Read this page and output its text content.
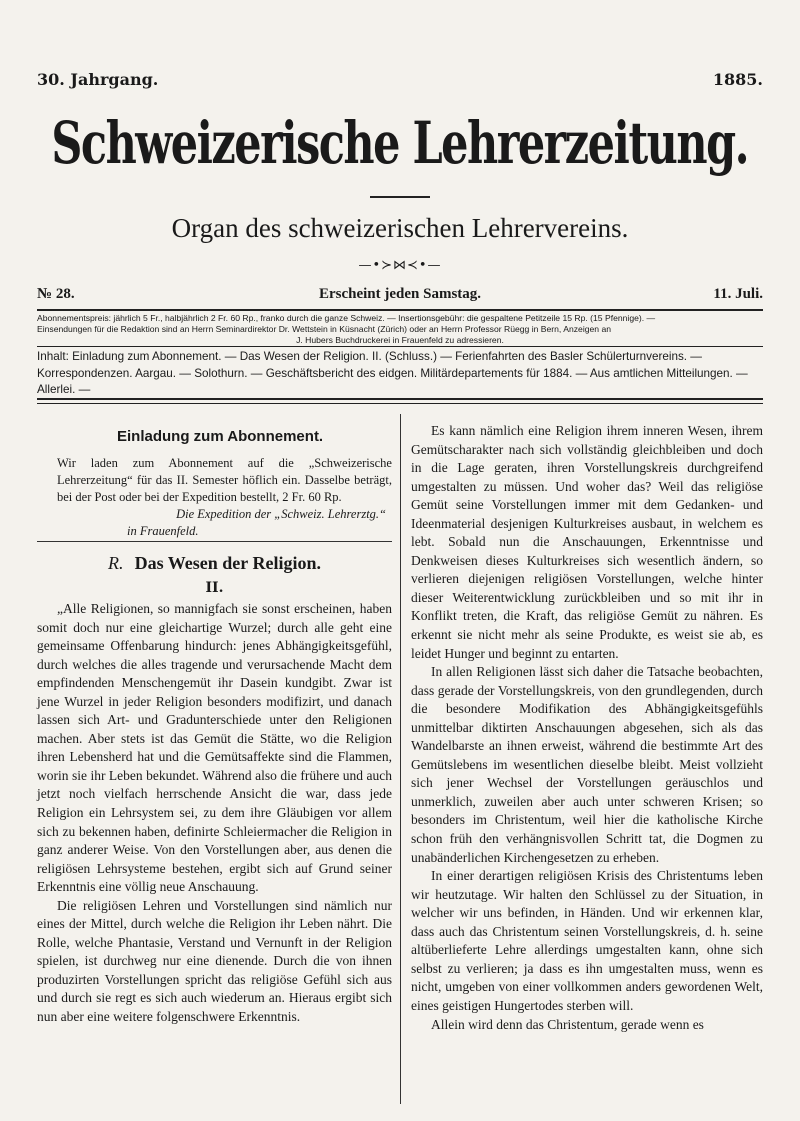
30. Jahrgang.	1885.
Schweizerische Lehrerzeitung.
Organ des schweizerischen Lehrervereins.
—•≻⋈≺•—
№ 28.	Erscheint jeden Samstag.	11. Juli.
Abonnementspreis: jährlich 5 Fr., halbjährlich 2 Fr. 60 Rp., franko durch die ganze Schweiz. — Insertionsgebühr: die gespaltene Petitzeile 15 Rp. (15 Pfennige). —
Einsendungen für die Redaktion sind an Herrn Seminardirektor Dr. Wettstein in Küsnacht (Zürich) oder an Herrn Professor Rüegg in Bern, Anzeigen an
J. Hubers Buchdruckerei in Frauenfeld zu adressieren.
Inhalt: Einladung zum Abonnement. — Das Wesen der Religion. II. (Schluss.) — Ferienfahrten des Basler Schülerturnvereins. — Korrespondenzen. Aargau. — Solothurn. — Geschäftsbericht des eidgen. Militärdepartements für 1884. — Aus amtlichen Mitteilungen. — Allerlei. —
Einladung zum Abonnement.

Wir laden zum Abonnement auf die „Schweizerische Lehrerzeitung“ für das II. Semester höflich ein. Dasselbe beträgt, bei der Post oder bei der Expedition bestellt, 2 Fr. 60 Rp.

Die Expedition der „Schweiz. Lehrerztg.“
in Frauenfeld.
R. Das Wesen der Religion.
II.

„Alle Religionen, so mannigfach sie sonst erscheinen, haben somit doch nur eine gleichartige Wurzel; durch alle geht eine gemeinsame Offenbarung hindurch: jenes Abhängigkeitsgefühl, durch welches die alles tragende und verursachende Macht dem empfindenden Menschengemüt ihr Dasein kundgibt. Zwar ist jene Wurzel in jeder Religion besonders modifizirt, und danach lassen sich Art- und Gradunterschiede unter den Religionen machen. Aber stets ist das Gemüt die Stätte, wo die Religion ihren Lebensherd hat und die Gemütsaffekte sind die Flammen, worin sie ihr Leben bekundet. Während also die frühere und auch jetzt noch vielfach herrschende Ansicht die war, dass jede Religion ein Lehrsystem sei, zu dem ihre Gläubigen vor allem sich zu bekennen haben, definirte Schleiermacher die Religion in ganz anderer Weise. Von den Vorstellungen aber, aus denen die religiösen Lehrsysteme bestehen, ergibt sich auf Grund seiner Erkenntnis eine völlig neue Anschauung.

Die religiösen Lehren und Vorstellungen sind nämlich nur eines der Mittel, durch welche die Religion ihr Leben nährt. Die Rolle, welche Phantasie, Verstand und Vernunft in der Religion spielen, ist durchweg nur eine dienende. Durch die von ihnen produzirten Vorstellungen spricht das religiöse Gefühl sich aus und durch sie regt es sich auch wiederum an. Hieraus ergibt sich nun aber eine weitere folgenschwere Erkenntnis.

Es kann nämlich eine Religion ihrem inneren Wesen, ihrem Gemütscharakter nach sich vollständig gleichbleiben und doch in die Lage geraten, ihren Vorstellungskreis durchgreifend umgestalten zu müssen. Und woher das? Weil das religiöse Gemüt seine Vorstellungen immer mit dem Gedanken- und Ideenmaterial desjenigen Kulturkreises ausbaut, in welchem es lebt. Sobald nun die Anschauungen, Erkenntnisse und Denkweisen dieses Kulturkreises sich wesentlich ändern, so verlieren diejenigen religiösen Vorstellungen, welche hinter dieser Weiterentwicklung zurückbleiben und so mit ihr in Konflikt treten, die Kraft, das religiöse Gemüt zu nähren. Es erkennt sie nicht mehr als seine Produkte, es weist sie ab, es leidet Hunger und beginnt zu entarten.

In allen Religionen lässt sich daher die Tatsache beobachten, dass gerade der Vorstellungskreis, von den grundlegenden, durch die besondere Modifikation des Abhängigkeitsgefühls unmittelbar diktirten Anschauungen abgesehen, sich als das Wandelbarste an ihnen erweist, während die bestimmte Art des Gemütslebens im wesentlichen dieselbe bleibt. Meist vollzieht sich jener Wechsel der Vorstellungen geräuschlos und unmerklich, zuweilen aber auch unter schweren Krisen; so besonders im Christentum, weil hier die katholische Kirche schon früh den verhängnisvollen Schritt tat, die Dogmen zu unabänderlichen Kirchengesetzen zu erheben.

In einer derartigen religiösen Krisis des Christentums leben wir heutzutage. Wir halten den Schlüssel zu der Situation, in welcher wir uns befinden, in Händen. Und wir erkennen klar, dass auch das Christentum seinen Vorstellungskreis, d. h. seine altüberlieferte Lehre allerdings umgestalten kann, ohne sich selbst zu verlieren; ja dass es ihn umgestalten muss, wenn es nicht, umgeben von einer vollkommen anders gewordenen Welt, eines geistigen Hungertodes sterben will.

Allein wird denn das Christentum, gerade wenn es
